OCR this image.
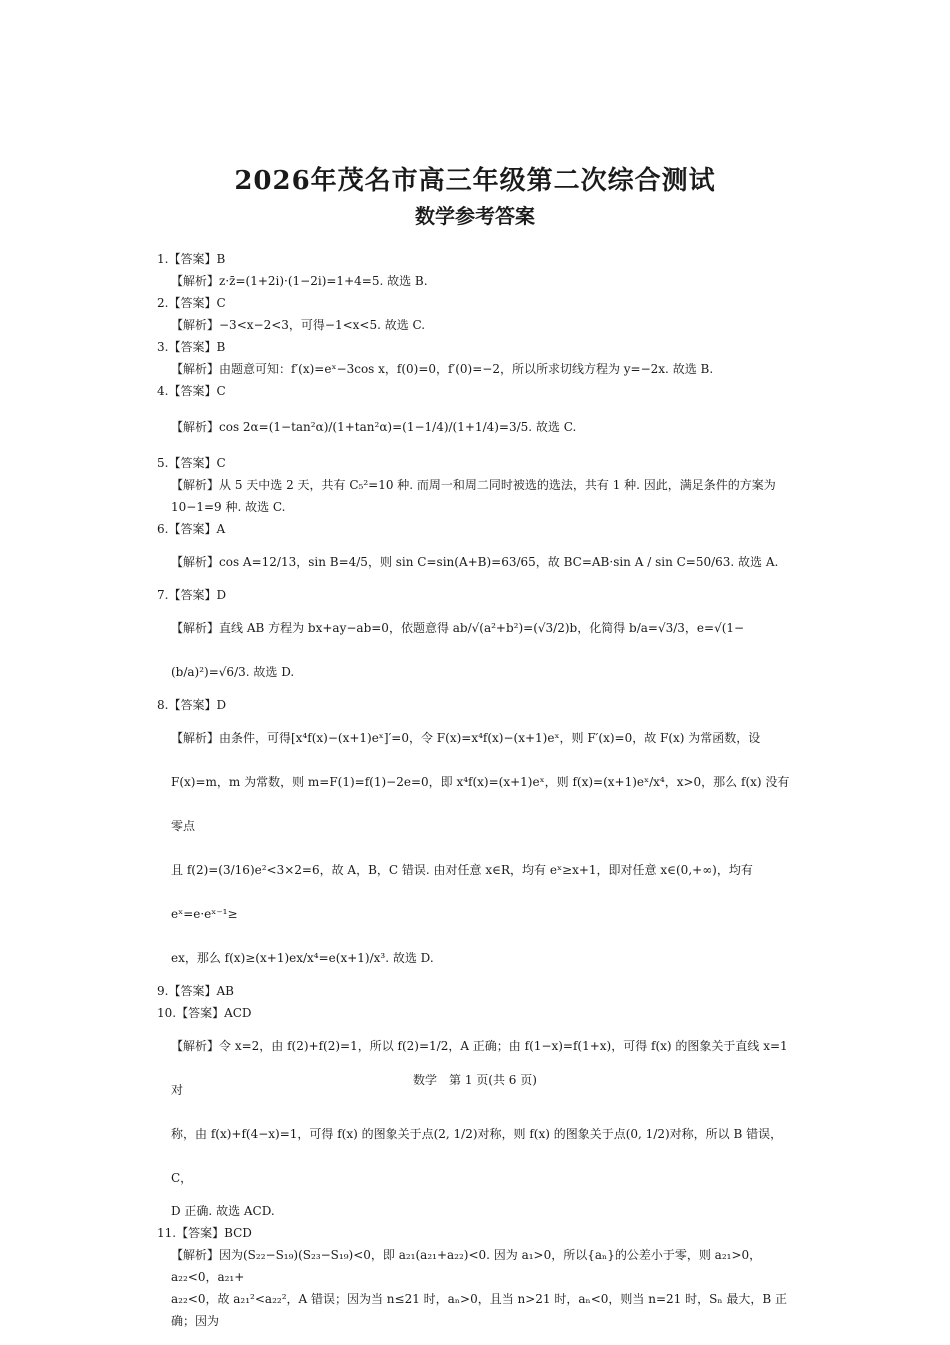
2026年茂名市高三年级第二次综合测试
数学参考答案

1.【答案】B

【解析】z·z̄=(1+2i)·(1−2i)=1+4=5. 故选 B.

2.【答案】C

【解析】−3<x−2<3，可得−1<x<5. 故选 C.

3.【答案】B

【解析】由题意可知：f′(x)=eˣ−3cos x，f(0)=0，f′(0)=−2，所以所求切线方程为 y=−2x. 故选 B.

4.【答案】C

【解析】cos 2α=(1−tan²α)/(1+tan²α)=(1−1/4)/(1+1/4)=3/5. 故选 C.

5.【答案】C

【解析】从 5 天中选 2 天，共有 C₅²=10 种. 而周一和周二同时被选的选法，共有 1 种. 因此，满足条件的方案为 10−1=9 种. 故选 C.

6.【答案】A

【解析】cos A=12/13，sin B=4/5，则 sin C=sin(A+B)=63/65，故 BC=AB·sin A / sin C=50/63. 故选 A.

7.【答案】D

【解析】直线 AB 方程为 bx+ay−ab=0，依题意得 ab/√(a²+b²)=(√3/2)b，化简得 b/a=√3/3，e=√(1−(b/a)²)=√6/3. 故选 D.

8.【答案】D

【解析】由条件，可得[x⁴f(x)−(x+1)eˣ]′=0，令 F(x)=x⁴f(x)−(x+1)eˣ，则 F′(x)=0，故 F(x) 为常函数，设

F(x)=m，m 为常数，则 m=F(1)=f(1)−2e=0，即 x⁴f(x)=(x+1)eˣ，则 f(x)=(x+1)eˣ/x⁴，x>0，那么 f(x) 没有零点

且 f(2)=(3/16)e²<3×2=6，故 A，B，C 错误. 由对任意 x∈R，均有 eˣ≥x+1，即对任意 x∈(0,+∞)，均有 eˣ=e·eˣ⁻¹≥

ex，那么 f(x)≥(x+1)ex/x⁴=e(x+1)/x³. 故选 D.

9.【答案】AB

10.【答案】ACD

【解析】令 x=2，由 f(2)+f(2)=1，所以 f(2)=1/2，A 正确；由 f(1−x)=f(1+x)，可得 f(x) 的图象关于直线 x=1 对

称，由 f(x)+f(4−x)=1，可得 f(x) 的图象关于点(2, 1/2)对称，则 f(x) 的图象关于点(0, 1/2)对称，所以 B 错误，C，

D 正确. 故选 ACD.

11.【答案】BCD

【解析】因为(S₂₂−S₁₉)(S₂₃−S₁₉)<0，即 a₂₁(a₂₁+a₂₂)<0. 因为 a₁>0，所以{aₙ}的公差小于零，则 a₂₁>0，a₂₂<0，a₂₁+

a₂₂<0，故 a₂₁²<a₂₂²，A 错误；因为当 n≤21 时，aₙ>0，且当 n>21 时，aₙ<0，则当 n=21 时，Sₙ 最大，B 正确；因为

数学　第 1 页(共 6 页)
